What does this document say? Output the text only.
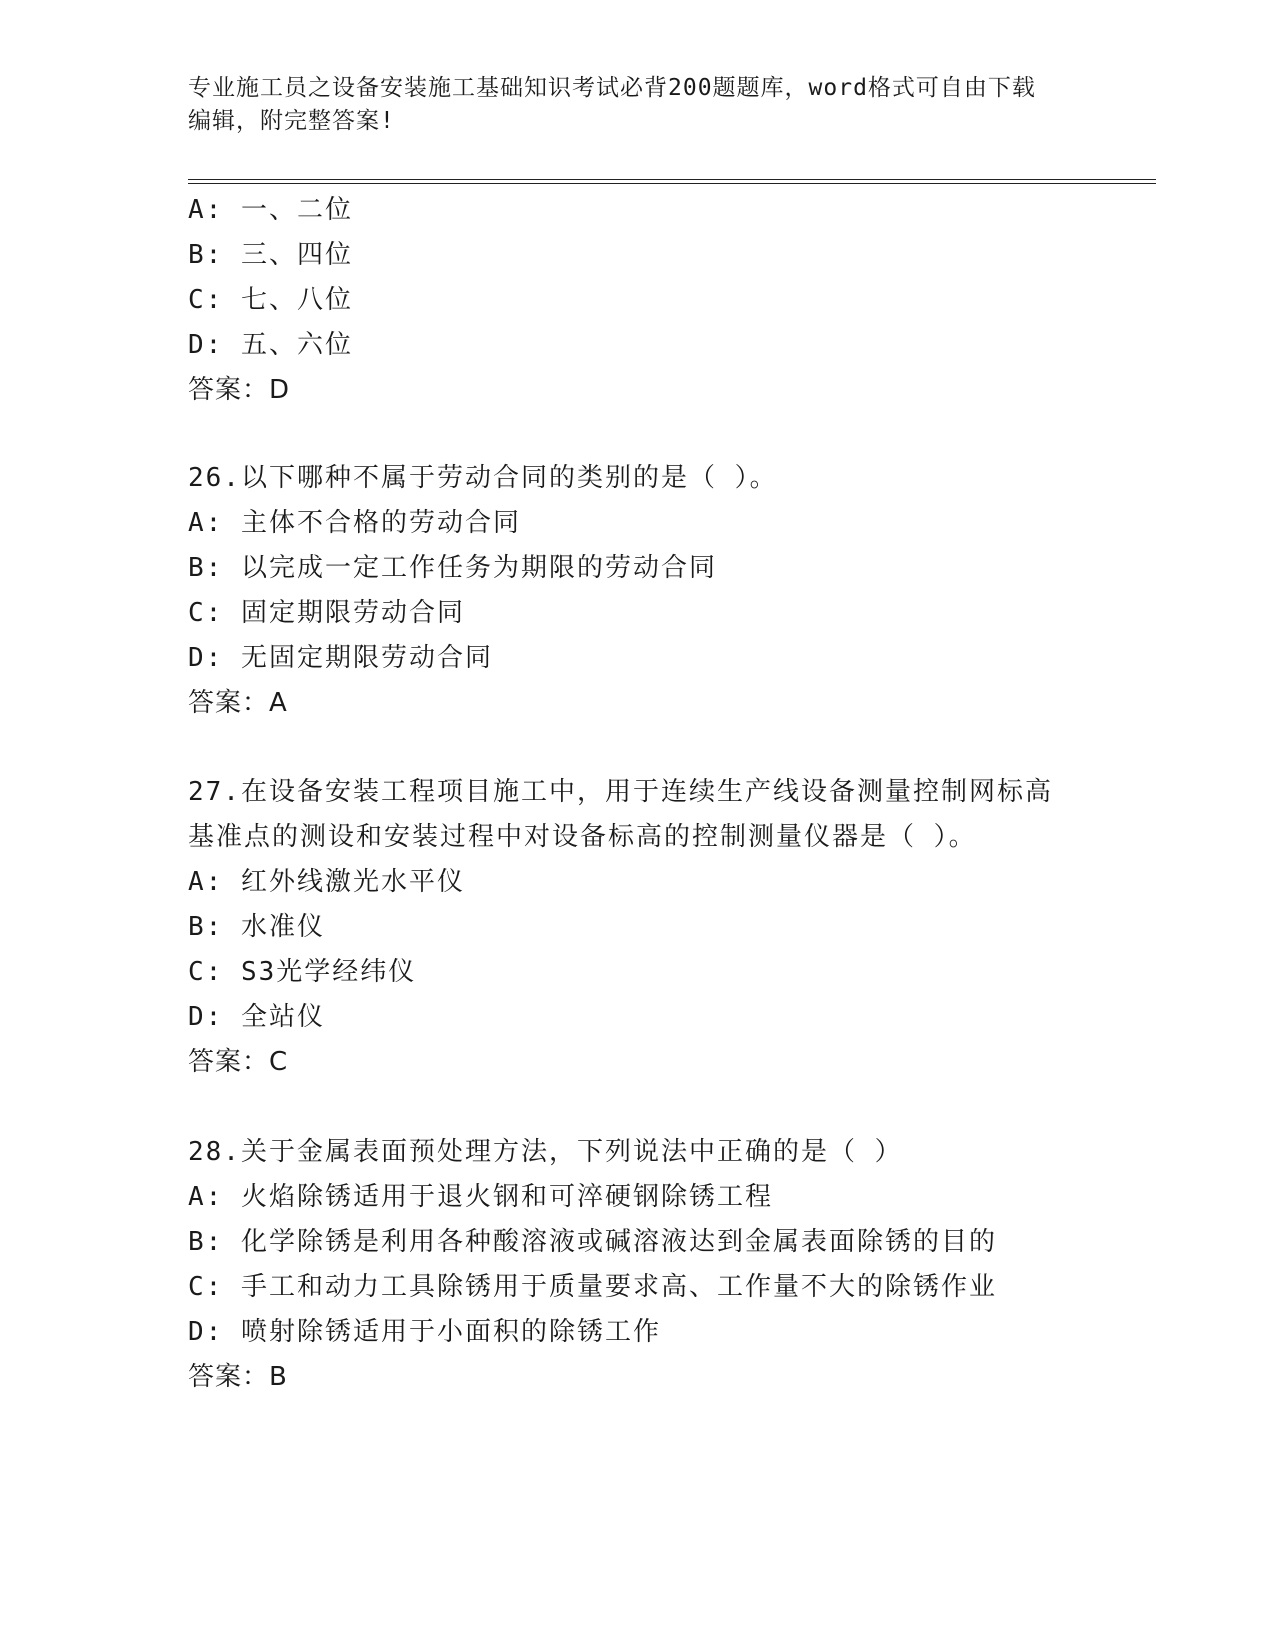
专业施工员之设备安装施工基础知识考试必背200题题库，word格式可自由下载
编辑，附完整答案!
A: 一、二位
B: 三、四位
C: 七、八位
D: 五、六位
答案：D
26.以下哪种不属于劳动合同的类别的是（ ）。
A: 主体不合格的劳动合同
B: 以完成一定工作任务为期限的劳动合同
C: 固定期限劳动合同
D: 无固定期限劳动合同
答案：A
27.在设备安装工程项目施工中，用于连续生产线设备测量控制网标高
基准点的测设和安装过程中对设备标高的控制测量仪器是（ ）。
A: 红外线激光水平仪
B: 水准仪
C: S3光学经纬仪
D: 全站仪
答案：C
28.关于金属表面预处理方法，下列说法中正确的是（ ）
A: 火焰除锈适用于退火钢和可淬硬钢除锈工程
B: 化学除锈是利用各种酸溶液或碱溶液达到金属表面除锈的目的
C: 手工和动力工具除锈用于质量要求高、工作量不大的除锈作业
D: 喷射除锈适用于小面积的除锈工作
答案：B
